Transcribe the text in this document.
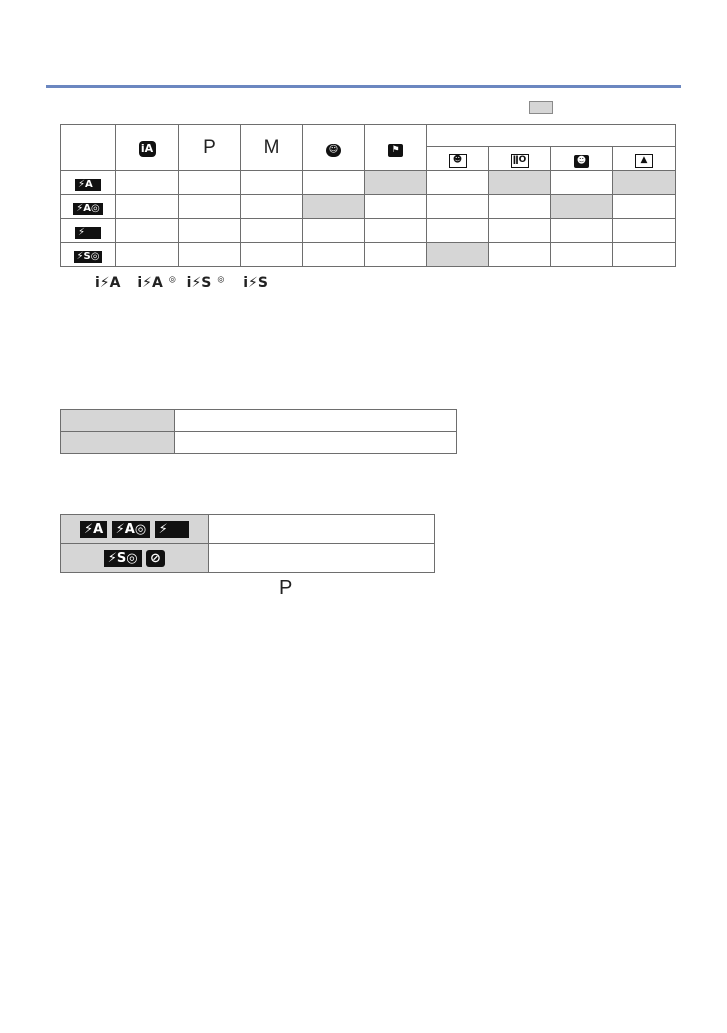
	iA	P	M	☺	⚑				
						☻	ǁO	☻	▲
⚡A									
⚡A◎									
⚡									
⚡S◎									
i⚡A i⚡A ◎ i⚡S ◎ i⚡S

⚡A ⚡A◎ ⚡	
⚡S◎ ⊘	
P
